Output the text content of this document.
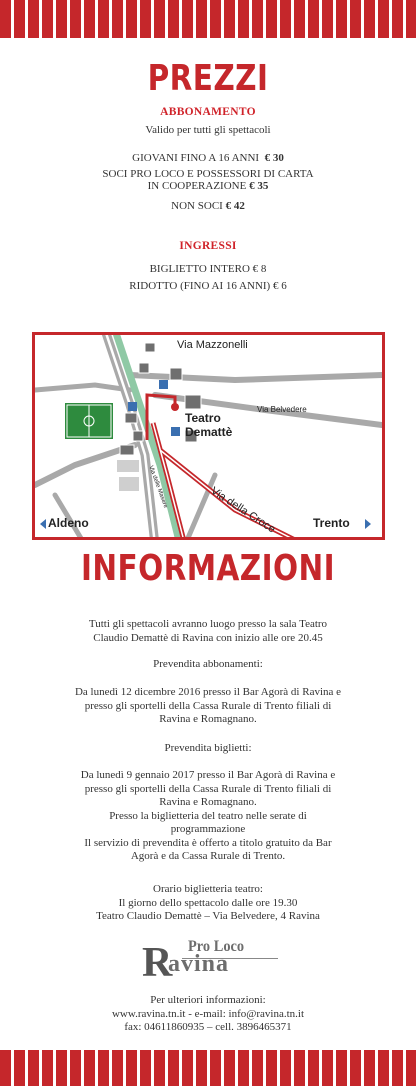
PREZZI
ABBONAMENTO
Valido per tutti gli spettacoli
GIOVANI FINO A 16 ANNI € 30
SOCI PRO LOCO E POSSESSORI DI CARTA
IN COOPERAZIONE € 35
NON SOCI € 42
INGRESSI
BIGLIETTO INTERO € 8
RIDOTTO (FINO AI 16 ANNI) € 6
Via Mazzonelli
Via Belvedere
Teatro
Demattè
Via della Croce
Via delle Masere
Aldeno	Trento
INFORMAZIONI
Tutti gli spettacoli avranno luogo presso la sala Teatro
Claudio Demattè di Ravina con inizio alle ore 20.45
Prevendita abbonamenti:
Da lunedì 12 dicembre 2016 presso il Bar Agorà di Ravina e
presso gli sportelli della Cassa Rurale di Trento filiali di
Ravina e Romagnano.
Prevendita biglietti:
Da lunedì 9 gennaio 2017 presso il Bar Agorà di Ravina e
presso gli sportelli della Cassa Rurale di Trento filiali di
Ravina e Romagnano.
Presso la biglietteria del teatro nelle serate di
programmazione
Il servizio di prevendita è offerto a titolo gratuito da Bar
Agorà e da Cassa Rurale di Trento.
Orario biglietteria teatro:
Il giorno dello spettacolo dalle ore 19.30
Teatro Claudio Demattè – Via Belvedere, 4 Ravina
R Pro Loco
avina
Per ulteriori informazioni:
www.ravina.tn.it - e-mail: info@ravina.tn.it
fax: 04611860935 – cell. 3896465371
